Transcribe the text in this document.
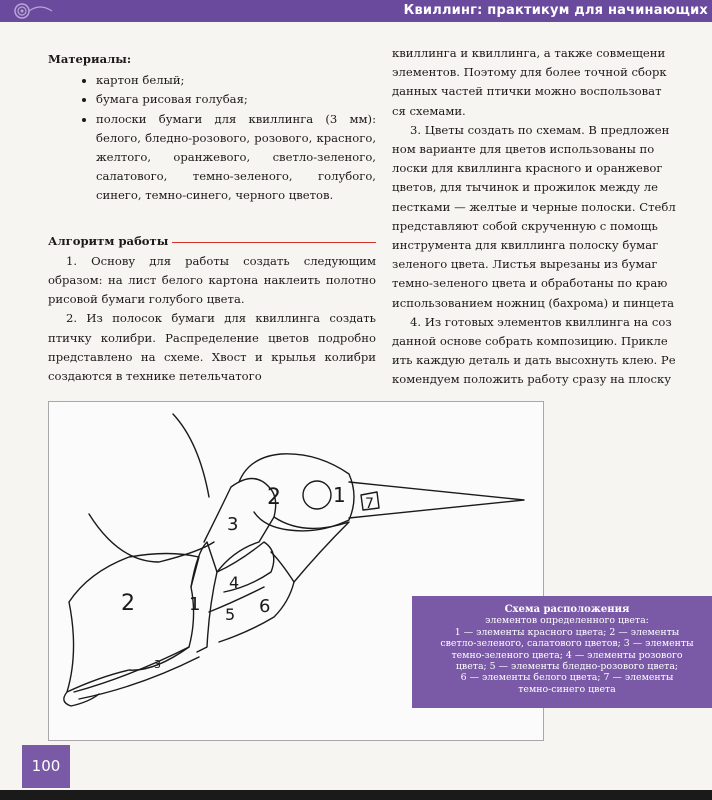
Квиллинг: практикум для начинающих
Материалы:
• картон белый;
• бумага рисовая голубая;
• полоски бумаги для квиллинга (3 мм): белого, бледно-розового, розового, красного, желтого, оранжевого, светло-зеленого, салатового, темно-зеленого, голубого, синего, темно-синего, черного цветов.
Алгоритм работы

1. Основу для работы создать следующим образом: на лист белого картона наклеить полотно рисовой бумаги голубого цвета.

2. Из полосок бумаги для квиллинга создать птичку колибри. Распределение цветов подробно представлено на схеме. Хвост и крылья колибри создаются в технике петельчатого

квиллинга и квиллинга, а также совмещени

элементов. Поэтому для более точной сборк

данных частей птички можно воспользоват

ся схемами.

3. Цветы создать по схемам. В предложен

ном варианте для цветов использованы по

лоски для квиллинга красного и оранжевог

цветов, для тычинок и прожилок между ле

пестками — желтые и черные полоски. Стебл

представляют собой скрученную с помощь

инструмента для квиллинга полоску бумаг

зеленого цвета. Листья вырезаны из бумаг

темно-зеленого цвета и обработаны по краю

использованием ножниц (бахрома) и пинцета

4. Из готовых элементов квиллинга на соз

данной основе собрать композицию. Прикле

ить каждую деталь и дать высохнуть клею. Ре

комендуем положить работу сразу на плоску

2	1
3
2	1 7
4
5 6
3
Схема расположения
элементов определенного цвета:
1 — элементы красного цвета; 2 — элементы
светло-зеленого, салатового цветов; 3 — элементы
темно-зеленого цвета; 4 — элементы розового
цвета; 5 — элементы бледно-розового цвета;
6 — элементы белого цвета; 7 — элементы
темно-синего цвета
100
